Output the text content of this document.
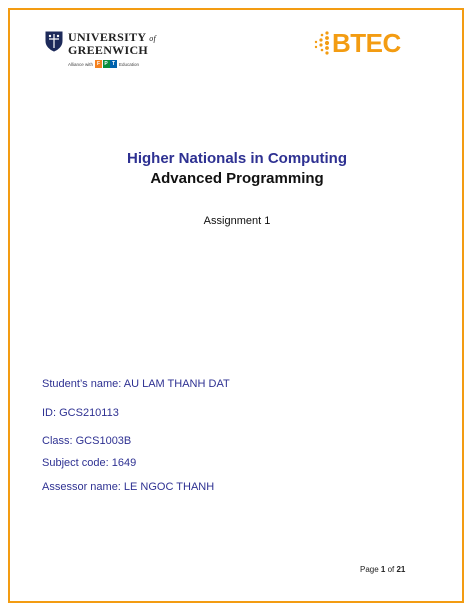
UNIVERSITY of
GREENWICH
Alliance with F P T Education
BTEC
Higher Nationals in Computing
Advanced Programming
Assignment 1
Student’s name: AU LAM THANH DAT
ID: GCS210113
Class: GCS1003B
Subject code: 1649
Assessor name: LE NGOC THANH
Page 1 of 21
